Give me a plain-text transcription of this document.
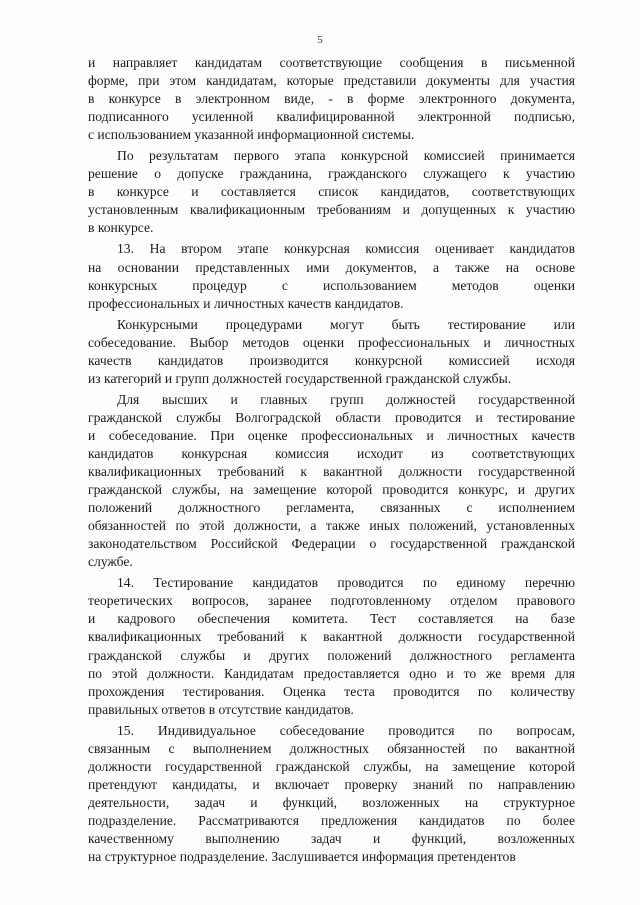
5
и направляет кандидатам соответствующие сообщения в письменной
форме, при этом кандидатам, которые представили документы для участия
в конкурсе в электронном виде, - в форме электронного документа,
подписанного усиленной квалифицированной электронной подписью,
с использованием указанной информационной системы.
По результатам первого этапа конкурсной комиссией принимается
решение о допуске гражданина, гражданского служащего к участию
в конкурсе и составляется список кандидатов, соответствующих
установленным квалификационным требованиям и допущенных к участию
в конкурсе.
13. На втором этапе конкурсная комиссия оценивает кандидатов
на основании представленных ими документов, а также на основе
конкурсных процедур с использованием методов оценки
профессиональных и личностных качеств кандидатов.
Конкурсными процедурами могут быть тестирование или
собеседование. Выбор методов оценки профессиональных и личностных
качеств кандидатов производится конкурсной комиссией исходя
из категорий и групп должностей государственной гражданской службы.
Для высших и главных групп должностей государственной
гражданской службы Волгоградской области проводится и тестирование
и собеседование. При оценке профессиональных и личностных качеств
кандидатов конкурсная комиссия исходит из соответствующих
квалификационных требований к вакантной должности государственной
гражданской службы, на замещение которой проводится конкурс, и других
положений должностного регламента, связанных с исполнением
обязанностей по этой должности, а также иных положений, установленных
законодательством Российской Федерации о государственной гражданской
службе.
14. Тестирование кандидатов проводится по единому перечню
теоретических вопросов, заранее подготовленному отделом правового
и кадрового обеспечения комитета. Тест составляется на базе
квалификационных требований к вакантной должности государственной
гражданской службы и других положений должностного регламента
по этой должности. Кандидатам предоставляется одно и то же время для
прохождения тестирования. Оценка теста проводится по количеству
правильных ответов в отсутствие кандидатов.
15. Индивидуальное собеседование проводится по вопросам,
связанным с выполнением должностных обязанностей по вакантной
должности государственной гражданской службы, на замещение которой
претендуют кандидаты, и включает проверку знаний по направлению
деятельности, задач и функций, возложенных на структурное
подразделение. Рассматриваются предложения кандидатов по более
качественному выполнению задач и функций, возложенных
на структурное подразделение. Заслушивается информация претендентов
